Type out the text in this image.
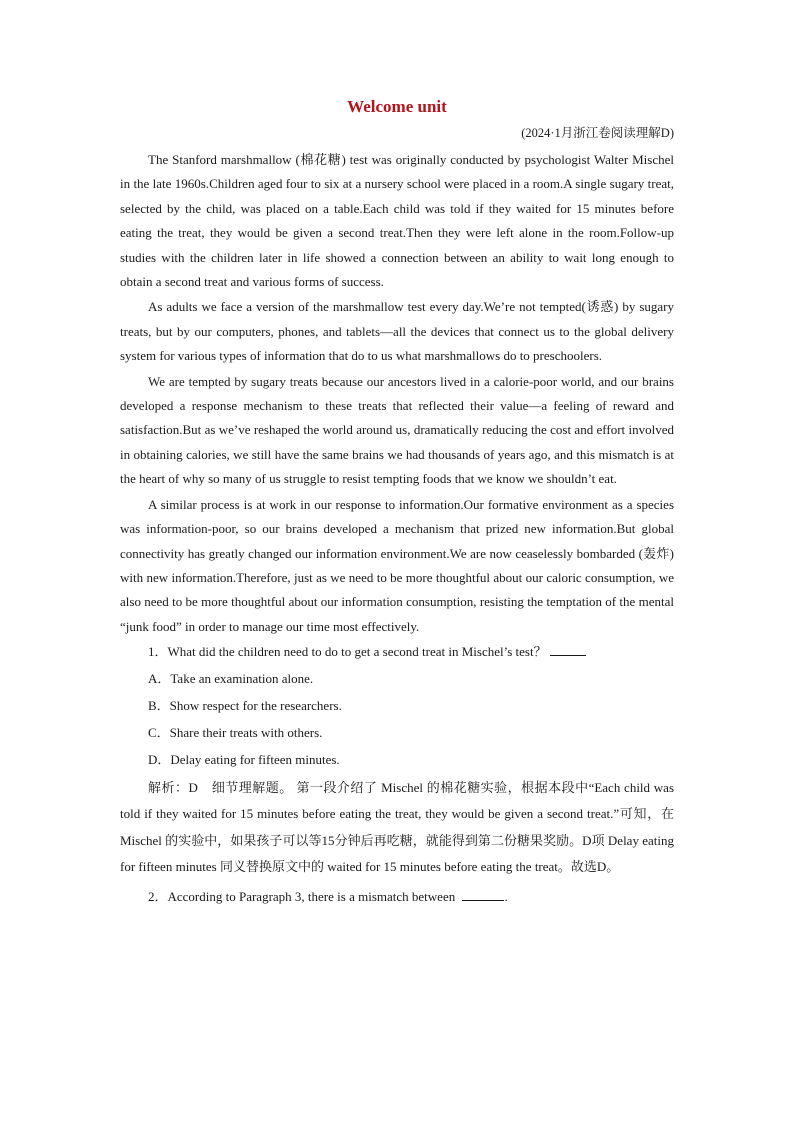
Welcome unit
(2024·1月浙江卷阅读理解D)

The Stanford marshmallow (棉花糖) test was originally conducted by psychologist Walter Mischel in the late 1960s.Children aged four to six at a nursery school were placed in a room.A single sugary treat, selected by the child, was placed on a table.Each child was told if they waited for 15 minutes before eating the treat, they would be given a second treat.Then they were left alone in the room.Follow-up studies with the children later in life showed a connection between an ability to wait long enough to obtain a second treat and various forms of success.

As adults we face a version of the marshmallow test every day.We’re not tempted(诱惑) by sugary treats, but by our computers, phones, and tablets—all the devices that connect us to the global delivery system for various types of information that do to us what marshmallows do to preschoolers.

We are tempted by sugary treats because our ancestors lived in a calorie-poor world, and our brains developed a response mechanism to these treats that reflected their value—a feeling of reward and satisfaction.But as we’ve reshaped the world around us, dramatically reducing the cost and effort involved in obtaining calories, we still have the same brains we had thousands of years ago, and this mismatch is at the heart of why so many of us struggle to resist tempting foods that we know we shouldn’t eat.

A similar process is at work in our response to information.Our formative environment as a species was information-poor, so our brains developed a mechanism that prized new information.But global connectivity has greatly changed our information environment.We are now ceaselessly bombarded (轰炸) with new information.Therefore, just as we need to be more thoughtful about our caloric consumption, we also need to be more thoughtful about our information consumption, resisting the temptation of the mental “junk food” in order to manage our time most effectively.

1．What did the children need to do to get a second treat in Mischel’s test？
A．Take an examination alone.
B．Show respect for the researchers.
C．Share their treats with others.
D．Delay eating for fifteen minutes.

解析：D　细节理解题。 第一段介绍了 Mischel 的棉花糖实验，根据本段中“Each child was told if they waited for 15 minutes before eating the treat, they would be given a second treat.”可知，在Mischel 的实验中，如果孩子可以等15分钟后再吃糖，就能得到第二份糖果奖励。D项 Delay eating for fifteen minutes 同义替换原文中的 waited for 15 minutes before eating the treat。故选D。

2．According to Paragraph 3, there is a mismatch between	.
